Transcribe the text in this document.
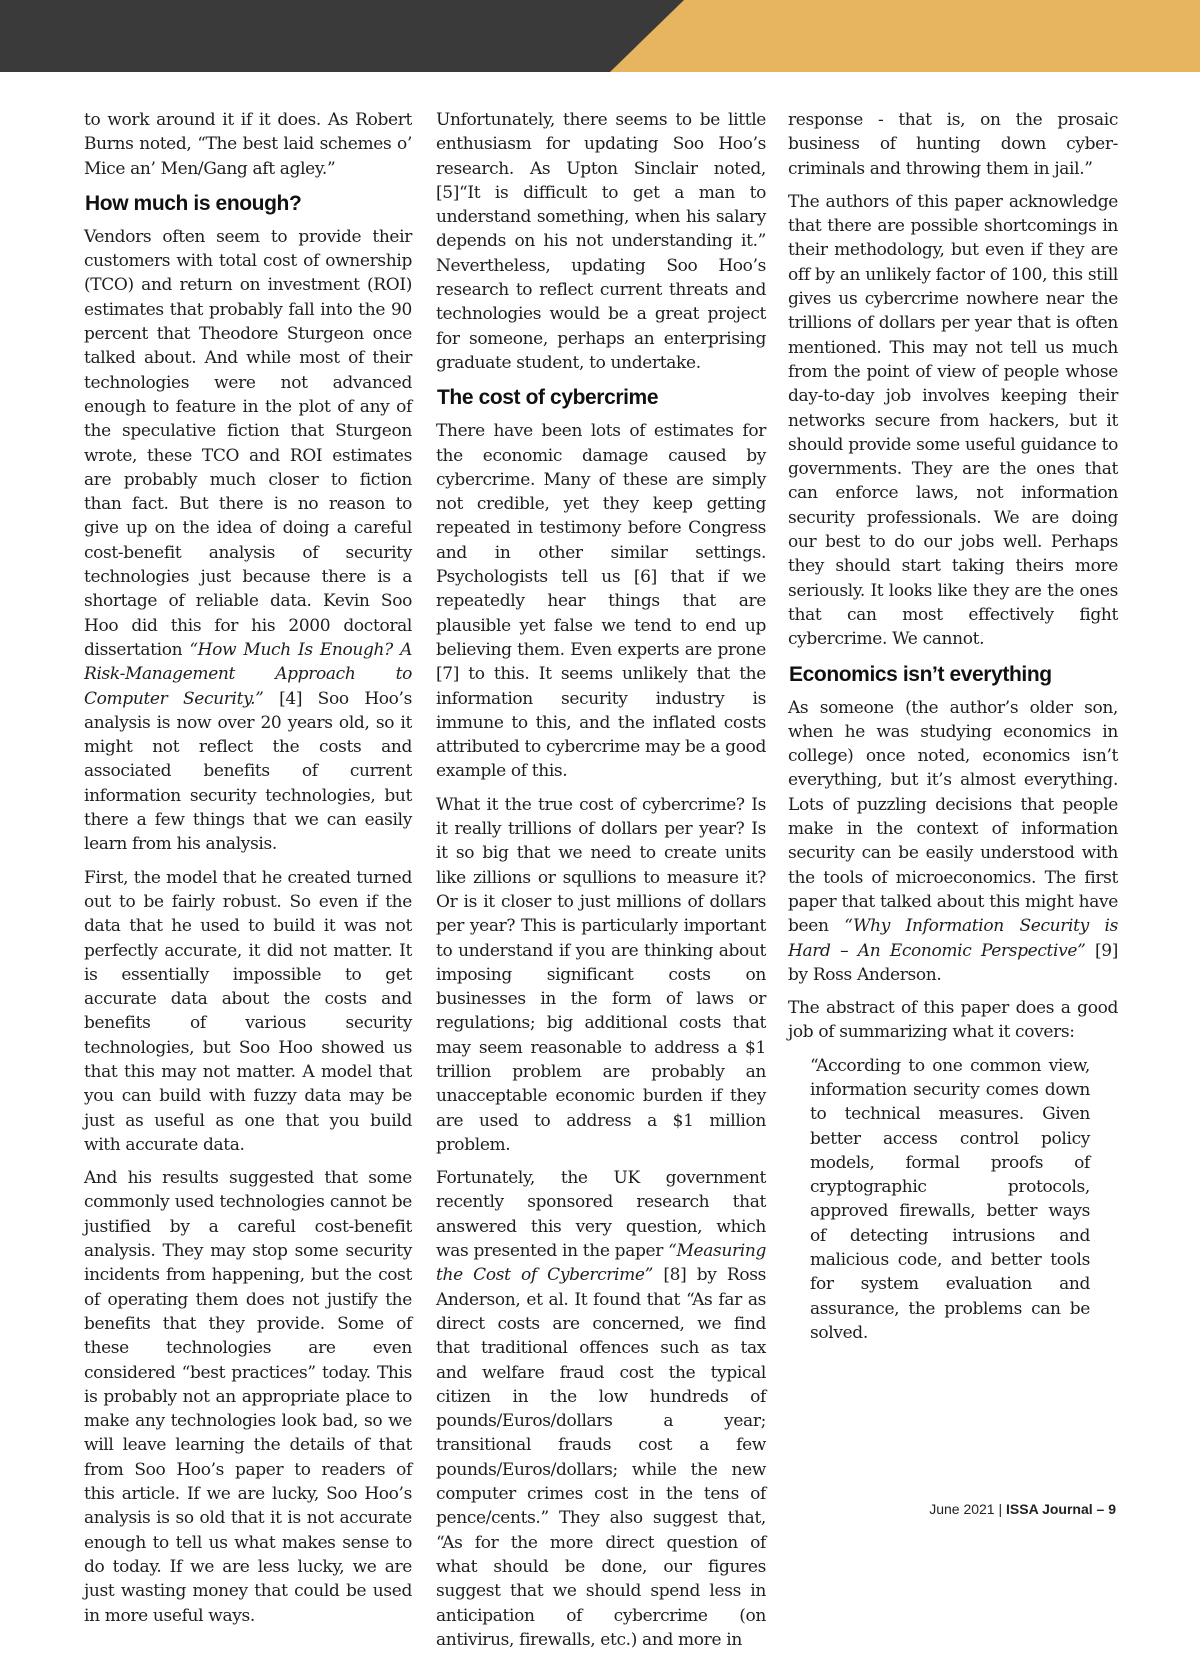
to work around it if it does. As Robert Burns noted, “The best laid schemes o’ Mice an’ Men/Gang aft agley.”

How much is enough?

Vendors often seem to provide their customers with total cost of ownership (TCO) and return on investment (ROI) estimates that probably fall into the 90 percent that Theodore Sturgeon once talked about. And while most of their technologies were not advanced enough to feature in the plot of any of the speculative fiction that Sturgeon wrote, these TCO and ROI estimates are probably much closer to fiction than fact. But there is no reason to give up on the idea of doing a careful cost-benefit analysis of security technologies just because there is a shortage of reliable data. Kevin Soo Hoo did this for his 2000 doctoral dissertation “How Much Is Enough? A Risk-Management Approach to Computer Security.” [4] Soo Hoo’s analysis is now over 20 years old, so it might not reflect the costs and associated benefits of current information security technologies, but there a few things that we can easily learn from his analysis.

First, the model that he created turned out to be fairly robust. So even if the data that he used to build it was not perfectly accurate, it did not matter. It is essentially impossible to get accurate data about the costs and benefits of various security technologies, but Soo Hoo showed us that this may not matter. A model that you can build with fuzzy data may be just as useful as one that you build with accurate data.

And his results suggested that some commonly used technologies cannot be justified by a careful cost-benefit analysis. They may stop some security incidents from happening, but the cost of operating them does not justify the benefits that they provide. Some of these technologies are even considered “best practices” today. This is probably not an appropriate place to make any technologies look bad, so we will leave learning the details of that from Soo Hoo’s paper to readers of this article. If we are lucky, Soo Hoo’s analysis is so old that it is not accurate enough to tell us what makes sense to do today. If we are less lucky, we are just wasting money that could be used in more useful ways.

Unfortunately, there seems to be little enthusiasm for updating Soo Hoo’s research. As Upton Sinclair noted, [5]“It is difficult to get a man to understand something, when his salary depends on his not understanding it.” Nevertheless, updating Soo Hoo’s research to reflect current threats and technologies would be a great project for someone, perhaps an enterprising graduate student, to undertake.

The cost of cybercrime

There have been lots of estimates for the economic damage caused by cybercrime. Many of these are simply not credible, yet they keep getting repeated in testimony before Congress and in other similar settings. Psychologists tell us [6] that if we repeatedly hear things that are plausible yet false we tend to end up believing them. Even experts are prone [7] to this. It seems unlikely that the information security industry is immune to this, and the inflated costs attributed to cybercrime may be a good example of this.

What it the true cost of cybercrime? Is it really trillions of dollars per year? Is it so big that we need to create units like zillions or squllions to measure it? Or is it closer to just millions of dollars per year? This is particularly important to understand if you are thinking about imposing significant costs on businesses in the form of laws or regulations; big additional costs that may seem reasonable to address a $1 trillion problem are probably an unacceptable economic burden if they are used to address a $1 million problem.

Fortunately, the UK government recently sponsored research that answered this very question, which was presented in the paper “Measuring the Cost of Cybercrime” [8] by Ross Anderson, et al. It found that “As far as direct costs are concerned, we find that traditional offences such as tax and welfare fraud cost the typical citizen in the low hundreds of pounds/Euros/dollars a year; transitional frauds cost a few pounds/Euros/dollars; while the new computer crimes cost in the tens of pence/cents.” They also suggest that, “As for the more direct question of what should be done, our figures suggest that we should spend less in anticipation of cybercrime (on antivirus, firewalls, etc.) and more in

response - that is, on the prosaic business of hunting down cyber-criminals and throwing them in jail.”

The authors of this paper acknowledge that there are possible shortcomings in their methodology, but even if they are off by an unlikely factor of 100, this still gives us cybercrime nowhere near the trillions of dollars per year that is often mentioned. This may not tell us much from the point of view of people whose day-to-day job involves keeping their networks secure from hackers, but it should provide some useful guidance to governments. They are the ones that can enforce laws, not information security professionals. We are doing our best to do our jobs well. Perhaps they should start taking theirs more seriously. It looks like they are the ones that can most effectively fight cybercrime. We cannot.

Economics isn’t everything

As someone (the author’s older son, when he was studying economics in college) once noted, economics isn’t everything, but it’s almost everything. Lots of puzzling decisions that people make in the context of information security can be easily understood with the tools of microeconomics. The first paper that talked about this might have been “Why Information Security is Hard – An Economic Perspective” [9] by Ross Anderson.

The abstract of this paper does a good job of summarizing what it covers:

“According to one common view, information security comes down to technical measures. Given better access control policy models, formal proofs of cryptographic protocols, approved firewalls, better ways of detecting intrusions and malicious code, and better tools for system evaluation and assurance, the problems can be solved.
June 2021 | ISSA Journal – 9
